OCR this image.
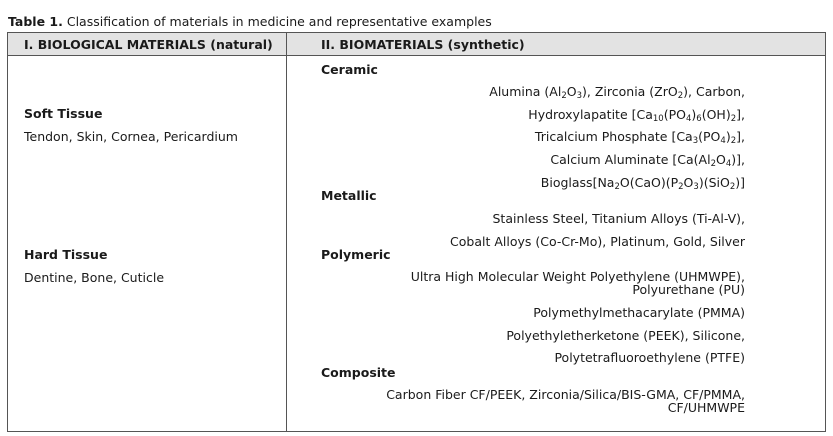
Table 1. Classification of materials in medicine and representative examples
I. BIOLOGICAL MATERIALS (natural)	II. BIOMATERIALS (synthetic)
Soft Tissue
Tendon, Skin, Cornea, Pericardium
Hard Tissue
Dentine, Bone, Cuticle
Ceramic
Alumina $(Al_2O_3)$, Zirconia (ZrO$_2$), Carbon,
Hydroxylapatite $[Ca_{10}(PO_4)_6(OH)_2]$,
Tricalcium Phosphate $[Ca_3(PO_4)_2]$,
Calcium Aluminate $[Ca(Al_2O_4)]$,
$Bioglass[Na_2O(CaO)(P_2O_3)(SiO_2)]$
Metallic
Stainless Steel, Titanium Alloys (Ti-Al-V),
Cobalt Alloys (Co-Cr-Mo), Platinum, Gold, Silver
Polymeric
Ultra High Molecular Weight Polyethylene (UHMWPE),
Polyurethane (PU)
Polymethylmethacarylate (PMMA)
Polyethyletherketone (PEEK), Silicone,
Polytetrafluoroethylene (PTFE)
Composite
Carbon Fiber CF/PEEK, Zirconia/Silica/BIS-GMA, CF/PMMA,
CF/UHMWPE
